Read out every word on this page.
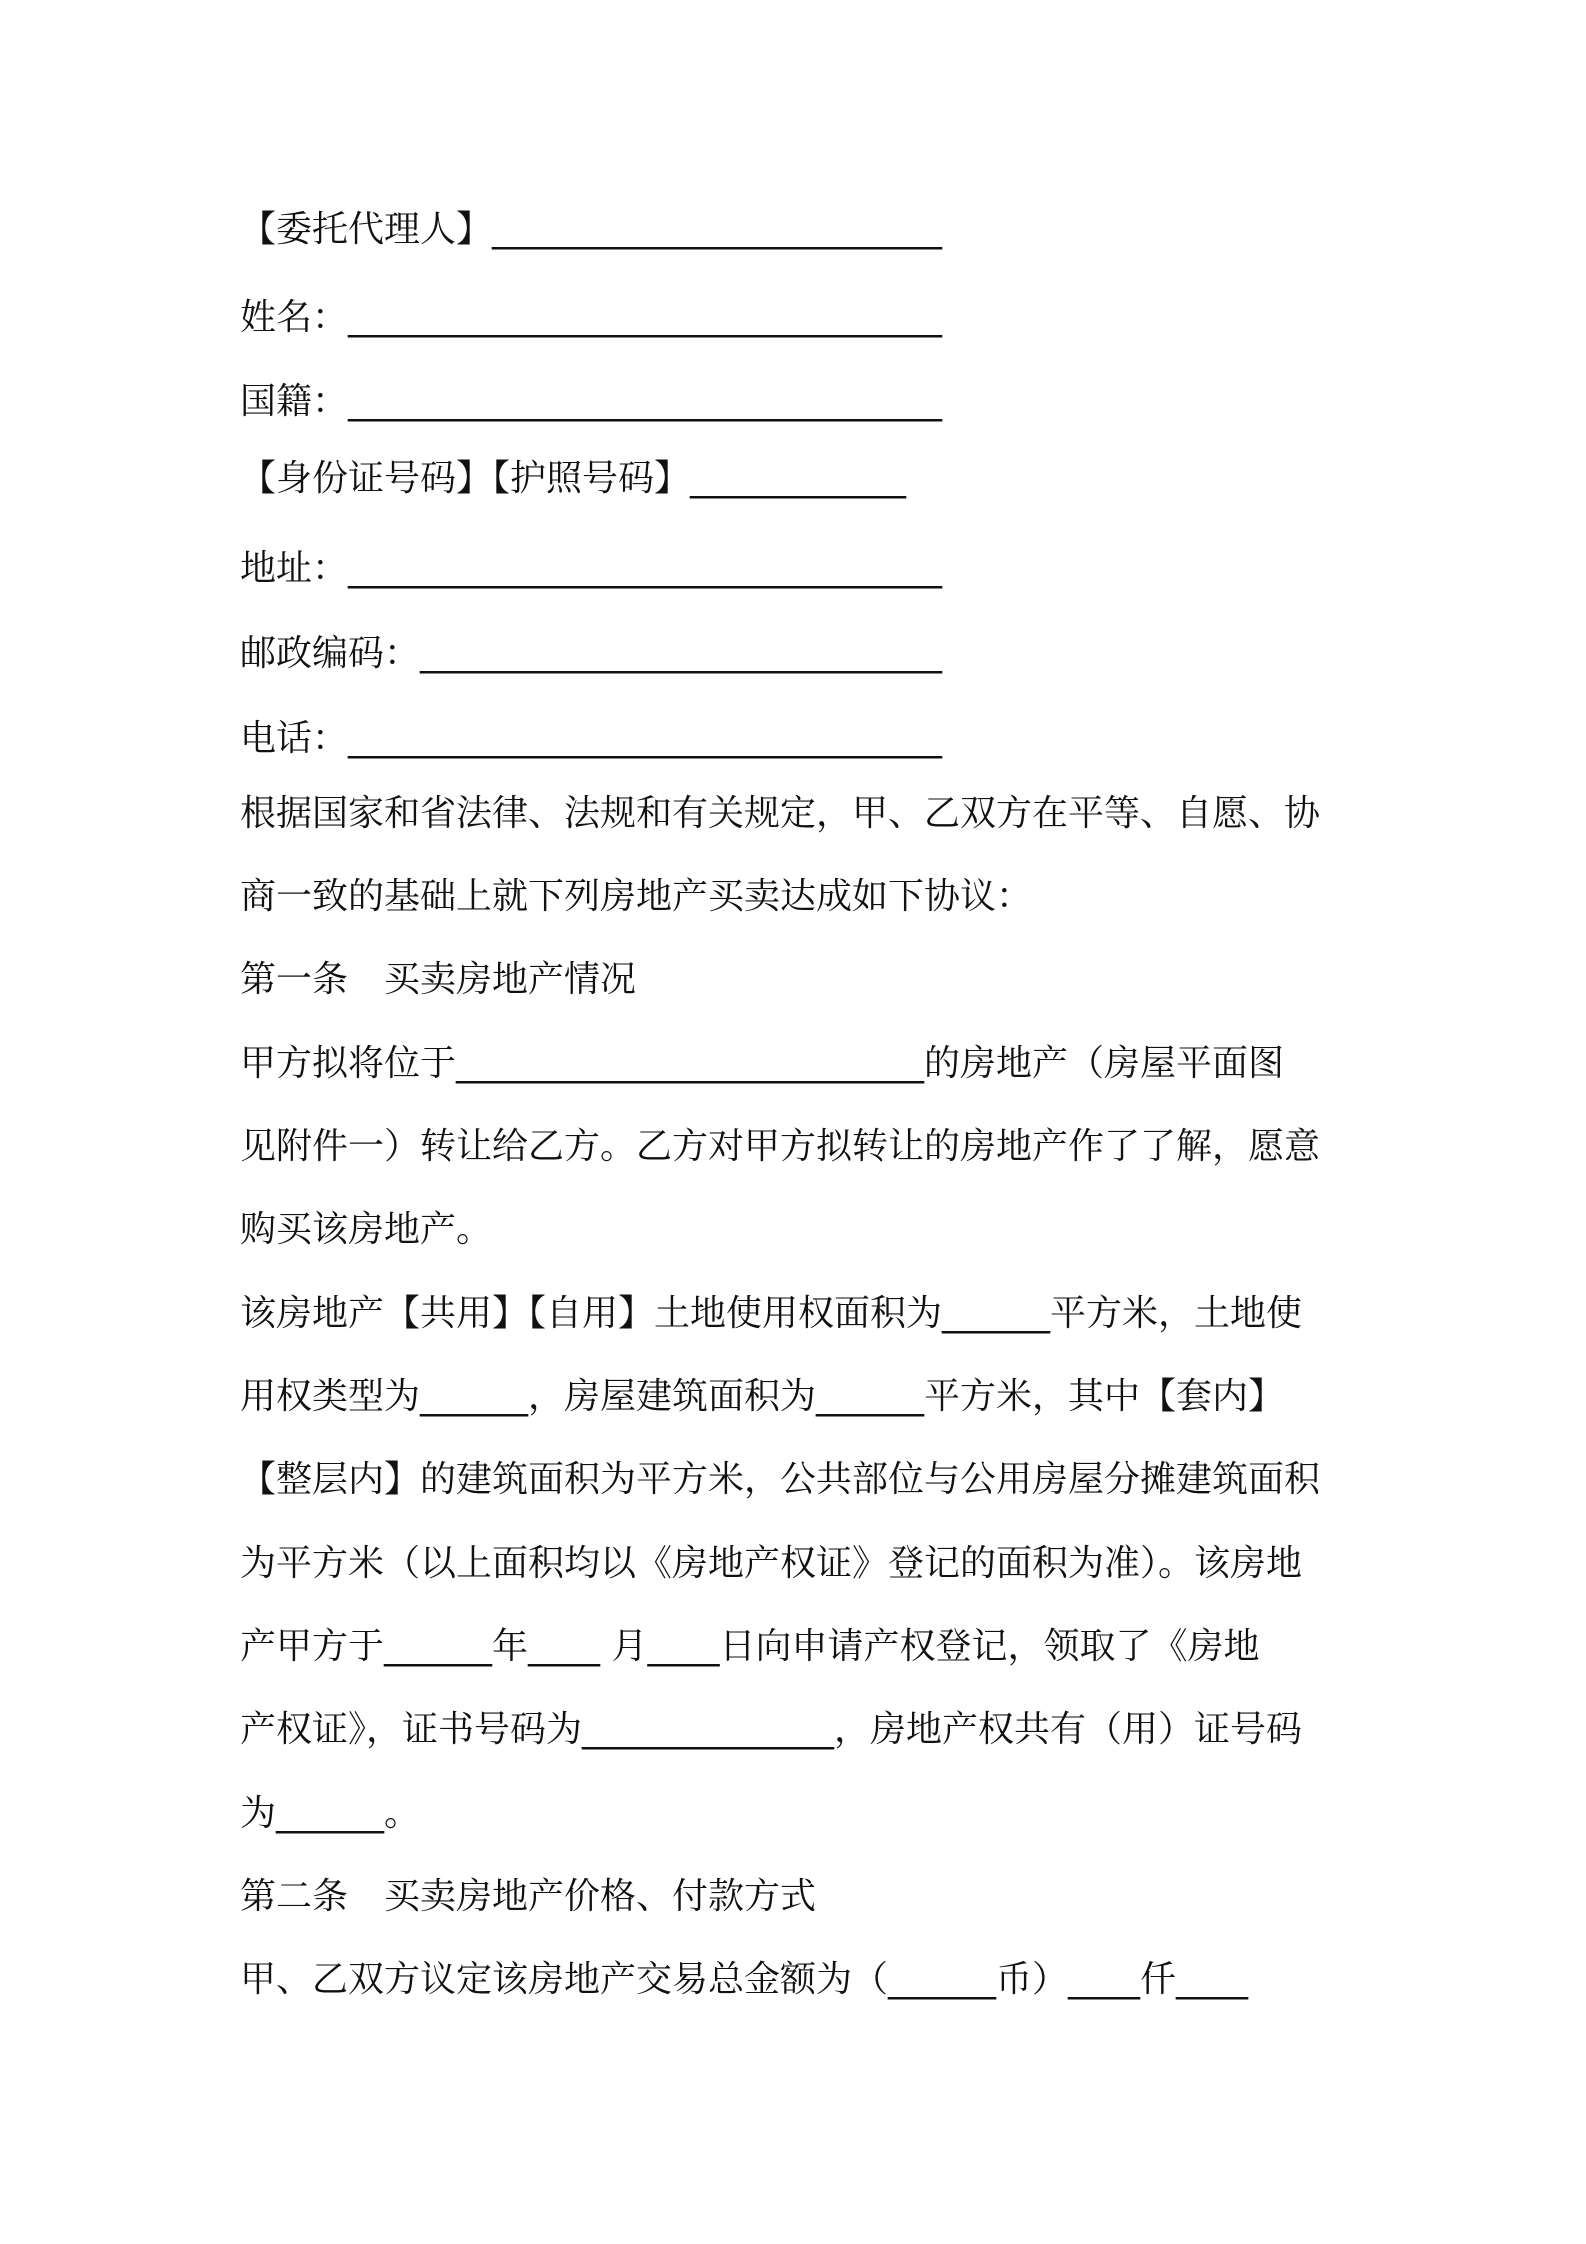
【委托代理人】_________________________
姓名：_________________________________
国籍：_________________________________
【身份证号码】【护照号码】____________
地址：_________________________________
邮政编码：_____________________________
电话：_________________________________
根据国家和省法律、法规和有关规定，甲、乙双方在平等、自愿、协
商一致的基础上就下列房地产买卖达成如下协议：
第一条　买卖房地产情况
甲方拟将位于__________________________的房地产（房屋平面图
见附件一）转让给乙方。乙方对甲方拟转让的房地产作了了解，愿意
购买该房地产。
该房地产【共用】【自用】土地使用权面积为______平方米，土地使
用权类型为______，房屋建筑面积为______平方米，其中【套内】
【整层内】的建筑面积为平方米，公共部位与公用房屋分摊建筑面积
为平方米（以上面积均以《房地产权证》登记的面积为准）。该房地
产甲方于______年____ 月____日向申请产权登记，领取了《房地
产权证》，证书号码为______________，房地产权共有（用）证号码
为______。
第二条　买卖房地产价格、付款方式
甲、乙双方议定该房地产交易总金额为（______币）____仟____
